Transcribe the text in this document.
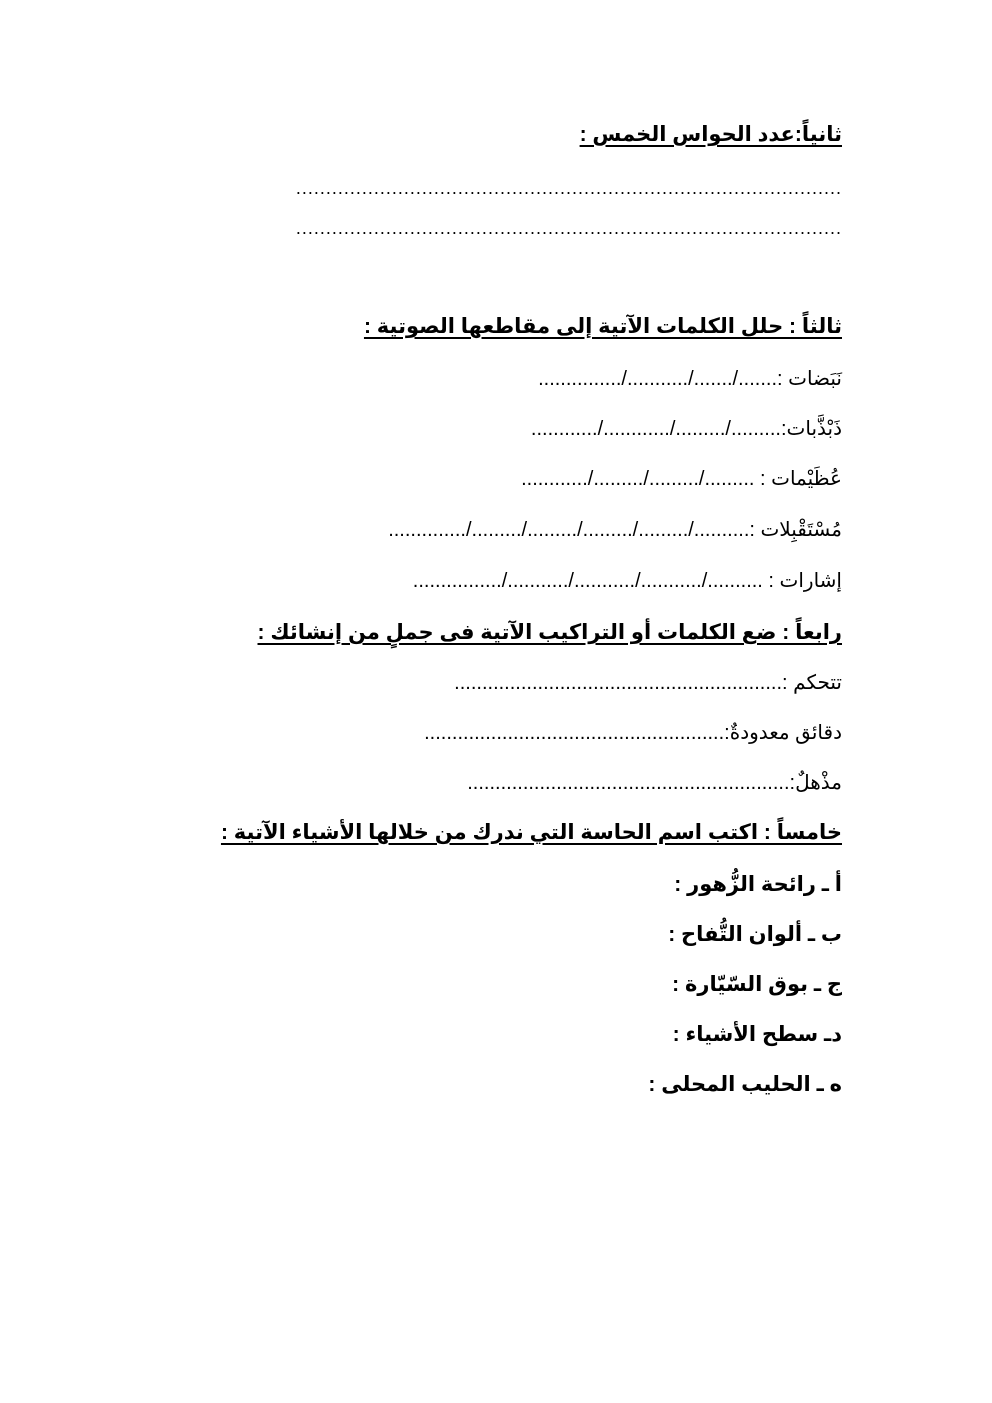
ثانياً:عدد الحواس الخمس :
...........................................................................................
...........................................................................................
ثالثاً : حلل الكلمات الآتية إلى مقاطعها الصوتية :
نَبَضات :......./......./.........../...............
ذَبْذَّبات:........./........./............/............
عُظَيْمات : ........./........./........./............
مُسْتَقْبِلات :........../........./........./........./........./..............
إشارات : ........../.........../.........../.........../................
رابعاً : ضع الكلمات أو التراكيب الآتية فى جملٍ من إنشائك :
تتحكم :...........................................................
دقائق معدودةٌ:......................................................
مذْهلٌ:..........................................................
خامساً : اكتب اسم الحاسة التي ندرك من خلالها الأشياء الآتية :
أ ـ رائحة الزُّهور :
ب ـ ألوان التُّفاح :
ج ـ بوق السّيّارة :
دـ سطح الأشياء :
ه ـ الحليب المحلى :
